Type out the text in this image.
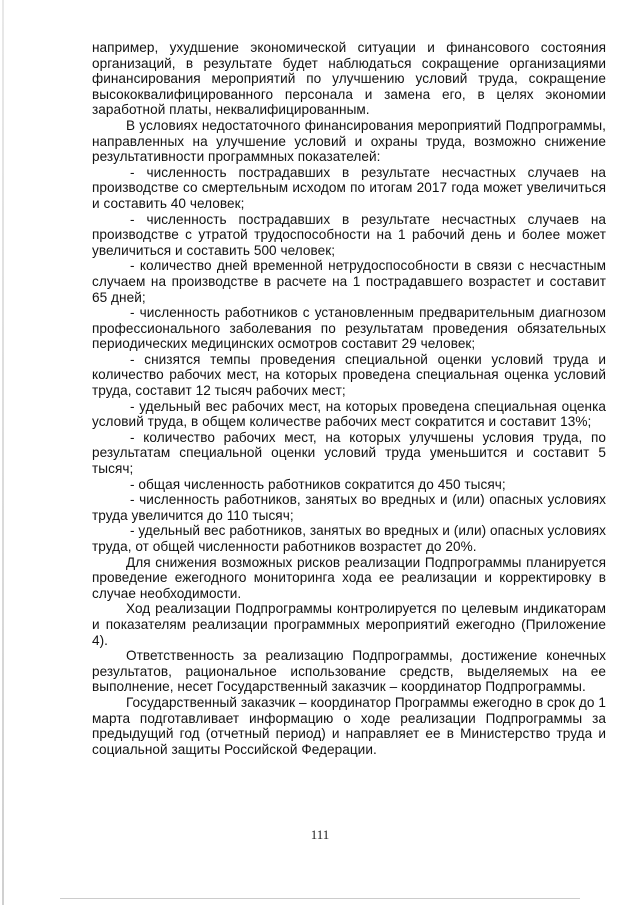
например, ухудшение экономической ситуации и финансового состояния организаций, в результате будет наблюдаться сокращение организациями финансирования мероприятий по улучшению условий труда, сокращение высококвалифицированного персонала и замена его, в целях экономии заработной платы, неквалифицированным.

В условиях недостаточного финансирования мероприятий Подпрограммы, направленных на улучшение условий и охраны труда, возможно снижение результативности программных показателей:

- численность пострадавших в результате несчастных случаев на производстве со смертельным исходом по итогам 2017 года может увеличиться и составить 40 человек;

- численность пострадавших в результате несчастных случаев на производстве с утратой трудоспособности на 1 рабочий день и более может увеличиться и составить 500 человек;

- количество дней временной нетрудоспособности в связи с несчастным случаем на производстве в расчете на 1 пострадавшего возрастет и составит 65 дней;

- численность работников с установленным предварительным диагнозом профессионального заболевания по результатам проведения обязательных периодических медицинских осмотров составит 29 человек;

- снизятся темпы проведения специальной оценки условий труда и количество рабочих мест, на которых проведена специальная оценка условий труда, составит 12 тысяч рабочих мест;

- удельный вес рабочих мест, на которых проведена специальная оценка условий труда, в общем количестве рабочих мест сократится и составит 13%;

- количество рабочих мест, на которых улучшены условия труда, по результатам специальной оценки условий труда уменьшится и составит 5 тысяч;

- общая численность работников сократится до 450 тысяч;

- численность работников, занятых во вредных и (или) опасных условиях труда увеличится до 110 тысяч;

- удельный вес работников, занятых во вредных и (или) опасных условиях труда, от общей численности работников возрастет до 20%.

Для снижения возможных рисков реализации Подпрограммы планируется проведение ежегодного мониторинга хода ее реализации и корректировку в случае необходимости.

Ход реализации Подпрограммы контролируется по целевым индикаторам и показателям реализации программных мероприятий ежегодно (Приложение 4).

Ответственность за реализацию Подпрограммы, достижение конечных результатов, рациональное использование средств, выделяемых на ее выполнение, несет Государственный заказчик – координатор Подпрограммы.

Государственный заказчик – координатор Программы ежегодно в срок до 1 марта подготавливает информацию о ходе реализации Подпрограммы за предыдущий год (отчетный период) и направляет ее в Министерство труда и социальной защиты Российской Федерации.

111
